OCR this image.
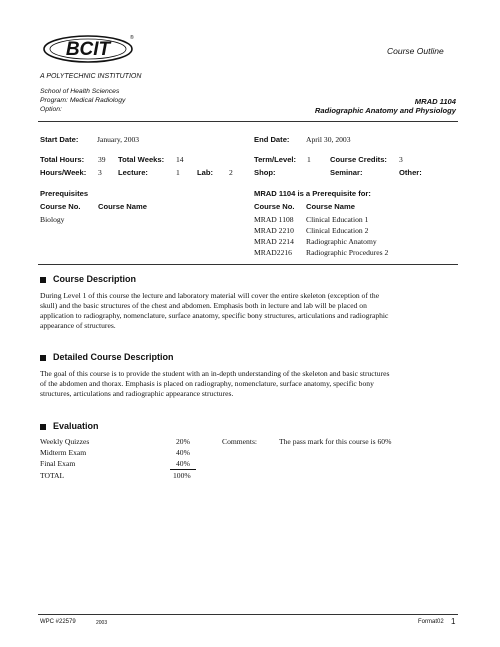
BCIT
®
A POLYTECHNIC INSTITUTION
Course Outline
School of Health Sciences
Program: Medical Radiology
Option:
MRAD 1104
Radiographic Anatomy and Physiology
Start Date: January, 2003	End Date: April 30, 2003
Total Hours: 39 Total Weeks: 14	Term/Level: 1	Course Credits: 3
Hours/Week: 3 Lecture:	1 Lab: 2	Shop:	Seminar:	Other:
Prerequisites
Course No. Course Name
Biology
MRAD 1104 is a Prerequisite for:
Course No. Course Name
MRAD 1108 Clinical Education 1
MRAD 2210 Clinical Education 2
MRAD 2214 Radiographic Anatomy
MRAD2216 Radiographic Procedures 2
Course Description
During Level 1 of this course the lecture and laboratory material will cover the entire skeleton (exception of the
skull) and the basic structures of the chest and abdomen. Emphasis both in lecture and lab will be placed on
application to radiography, nomenclature, surface anatomy, specific bony structures, articulations and radiographic
appearance of structures.
Detailed Course Description
The goal of this course is to provide the student with an in-depth understanding of the skeleton and basic structures
of the abdomen and thorax. Emphasis is placed on radiography, nomenclature, surface anatomy, specific bony
structures, articulations and radiographic appearance structures.
Evaluation
Weekly Quizzes	20%
Midterm Exam	40%
Final Exam	40%
TOTAL	100%
Comments:	The pass mark for this course is 60%
WPC #22579	2003	Format02 1
